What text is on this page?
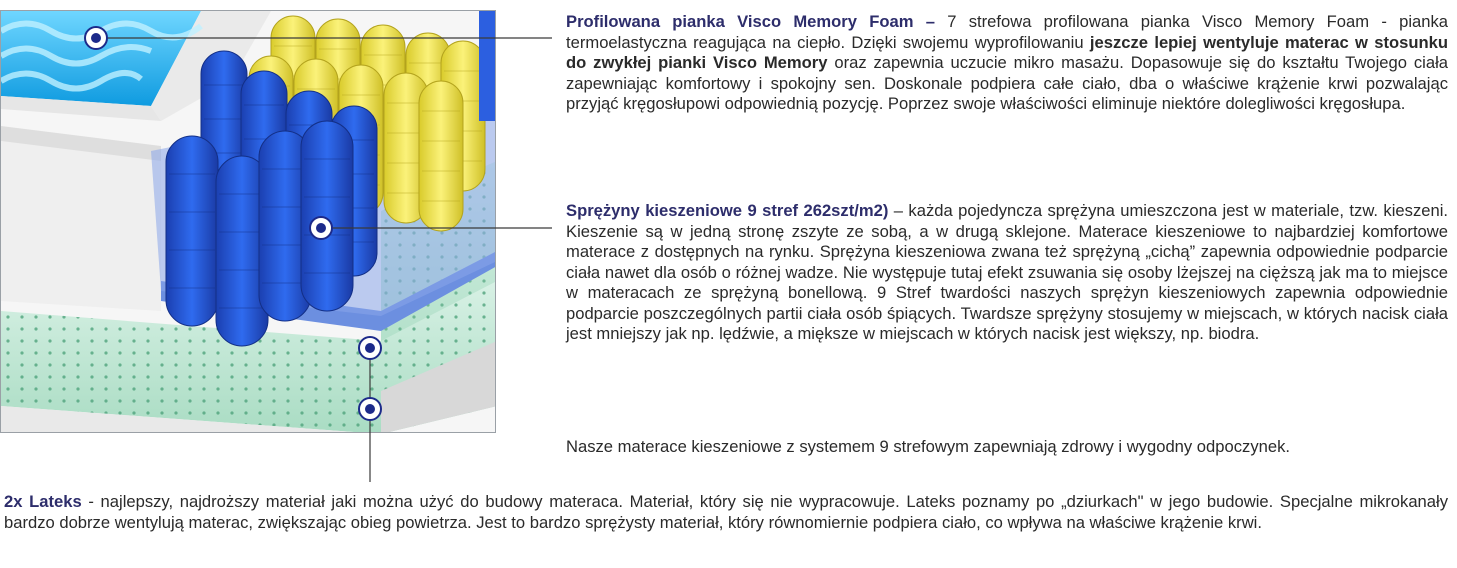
Profilowana pianka Visco Memory Foam – 7 strefowa profilowana pianka Visco Memory Foam - pianka termoelastyczna reagująca na ciepło. Dzięki swojemu wyprofilowaniu jeszcze lepiej wentyluje materac w stosunku do zwykłej pianki Visco Memory oraz zapewnia uczucie mikro masażu. Dopasowuje się do kształtu Twojego ciała zapewniając komfortowy i spokojny sen. Doskonale podpiera całe ciało, dba o właściwe krążenie krwi pozwalając przyjąć kręgosłupowi odpowiednią pozycję. Poprzez swoje właściwości eliminuje niektóre dolegliwości kręgosłupa.

Sprężyny kieszeniowe 9 stref 262szt/m2) – każda pojedyncza sprężyna umieszczona jest w materiale, tzw. kieszeni. Kieszenie są w jedną stronę zszyte ze sobą, a w drugą sklejone. Materace kieszeniowe to najbardziej komfortowe materace z dostępnych na rynku. Sprężyna kieszeniowa zwana też sprężyną „cichą” zapewnia odpowiednie podparcie ciała nawet dla osób o różnej wadze. Nie występuje tutaj efekt zsuwania się osoby lżejszej na cięższą jak ma to miejsce w materacach ze sprężyną bonellową. 9 Stref twardości naszych sprężyn kieszeniowych zapewnia odpowiednie podparcie poszczególnych partii ciała osób śpiących. Twardsze sprężyny stosujemy w miejscach, w których nacisk ciała jest mniejszy jak np. lędźwie, a miększe w miejscach w których nacisk jest większy, np. biodra.

Nasze materace kieszeniowe z systemem 9 strefowym zapewniają zdrowy i wygodny odpoczynek.

2x Lateks - najlepszy, najdroższy materiał jaki można użyć do budowy materaca. Materiał, który się nie wypracowuje. Lateks poznamy po „dziurkach" w jego budowie. Specjalne mikrokanały bardzo dobrze wentylują materac, zwiększając obieg powietrza. Jest to bardzo sprężysty materiał, który równomiernie podpiera ciało, co wpływa na właściwe krążenie krwi.
